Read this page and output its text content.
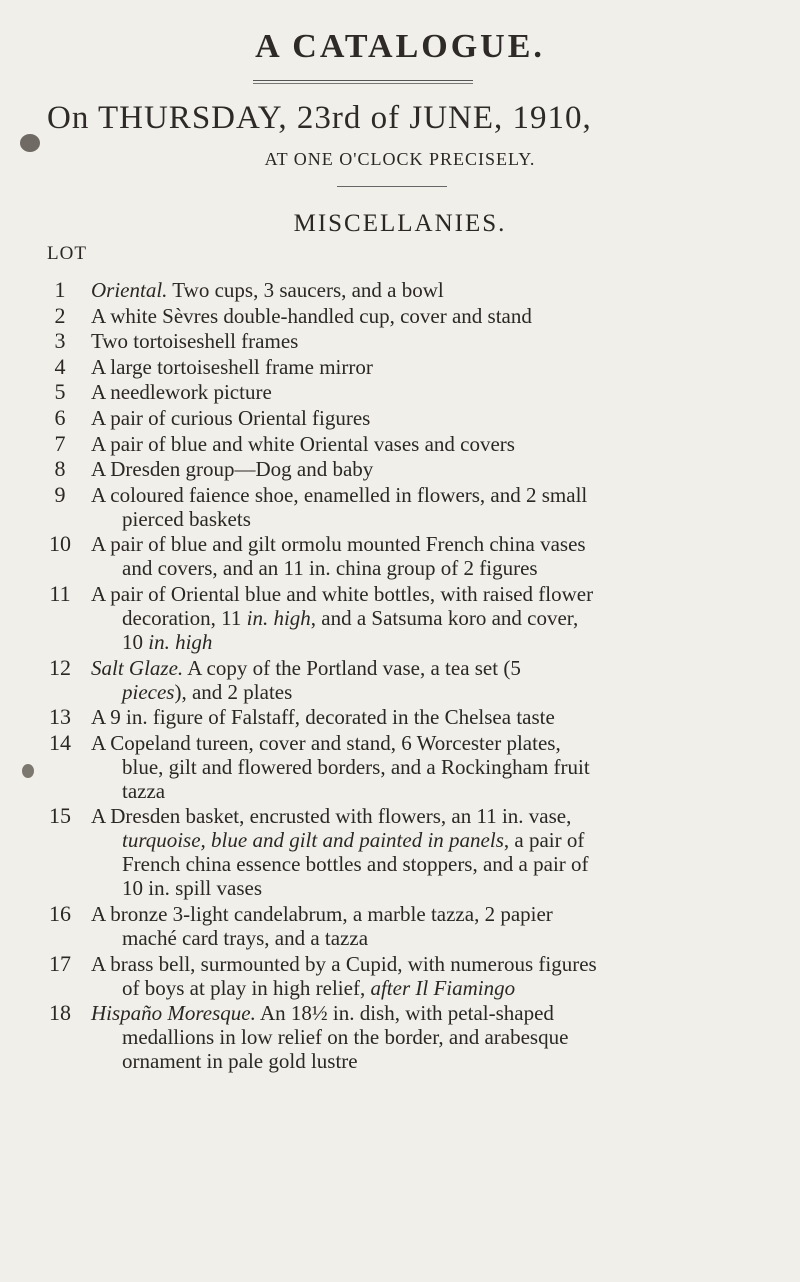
A CATALOGUE.
On THURSDAY, 23rd of JUNE, 1910,
AT ONE O'CLOCK PRECISELY.
MISCELLANIES.
LOT
1	Oriental. Two cups, 3 saucers, and a bowl
2	A white Sèvres double-handled cup, cover and stand
3	Two tortoiseshell frames
4	A large tortoiseshell frame mirror
5	A needlework picture
6	A pair of curious Oriental figures
7	A pair of blue and white Oriental vases and covers
8	A Dresden group—Dog and baby
9	A coloured faience shoe, enamelled in flowers, and 2 small
pierced baskets
10 A pair of blue and gilt ormolu mounted French china vases
and covers, and an 11 in. china group of 2 figures
11 A pair of Oriental blue and white bottles, with raised flower
decoration, 11 in. high, and a Satsuma koro and cover,
10 in. high
12 Salt Glaze. A copy of the Portland vase, a tea set (5
pieces), and 2 plates
13 A 9 in. figure of Falstaff, decorated in the Chelsea taste
14 A Copeland tureen, cover and stand, 6 Worcester plates,
blue, gilt and flowered borders, and a Rockingham fruit
tazza
15 A Dresden basket, encrusted with flowers, an 11 in. vase,
turquoise, blue and gilt and painted in panels, a pair of
French china essence bottles and stoppers, and a pair of
10 in. spill vases
16 A bronze 3-light candelabrum, a marble tazza, 2 papier
maché card trays, and a tazza
17 A brass bell, surmounted by a Cupid, with numerous figures
of boys at play in high relief, after Il Fiamingo
18 Hispaño Moresque. An 18½ in. dish, with petal-shaped
medallions in low relief on the border, and arabesque
ornament in pale gold lustre
